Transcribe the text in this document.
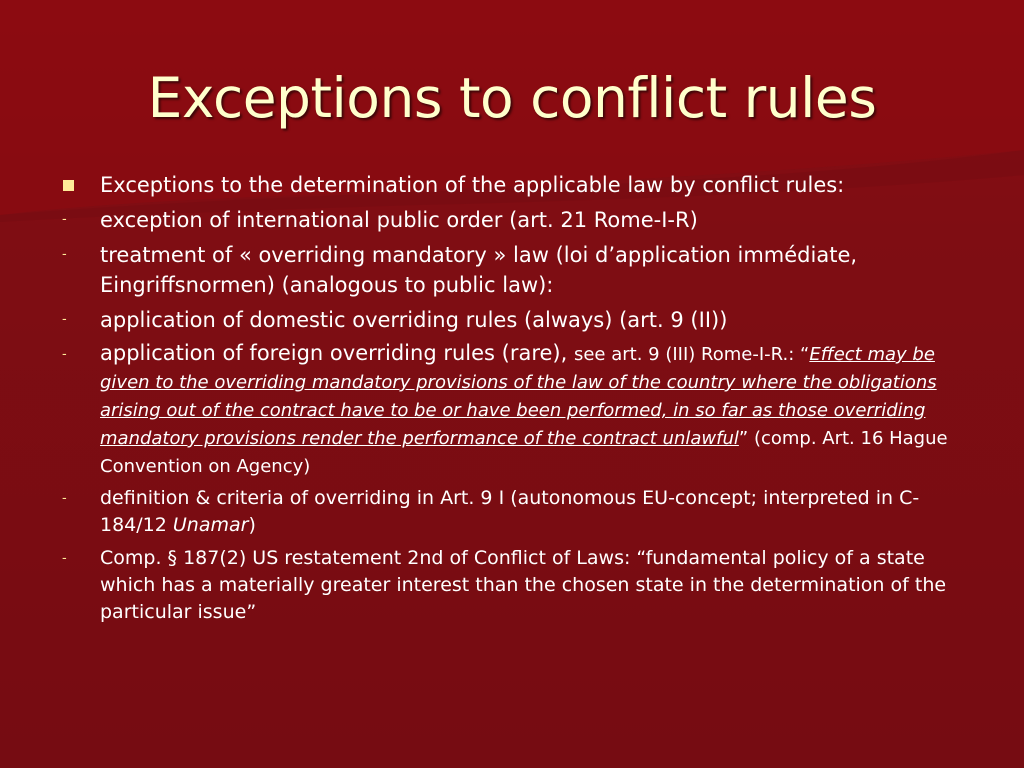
Exceptions to conflict rules
Exceptions to the determination of the applicable law by conflict rules:
-	exception of international public order (art. 21 Rome-I-R)
-	treatment of « overriding mandatory » law (loi d’application immédiate, Eingriffsnormen) (analogous to public law):
-	application of domestic overriding rules (always) (art. 9 (II))
-	application of foreign overriding rules (rare), see art. 9 (III) Rome-I-R.: “Effect may be given to the overriding mandatory provisions of the law of the country where the obligations arising out of the contract have to be or have been performed, in so far as those overriding mandatory provisions render the performance of the contract unlawful” (comp. Art. 16 Hague Convention on Agency)
-	definition & criteria of overriding in Art. 9 I (autonomous EU-concept; interpreted in C-184/12 Unamar)
-	Comp. § 187(2) US restatement 2nd of Conflict of Laws: “fundamental policy of a state which has a materially greater interest than the chosen state in the determination of the particular issue”
